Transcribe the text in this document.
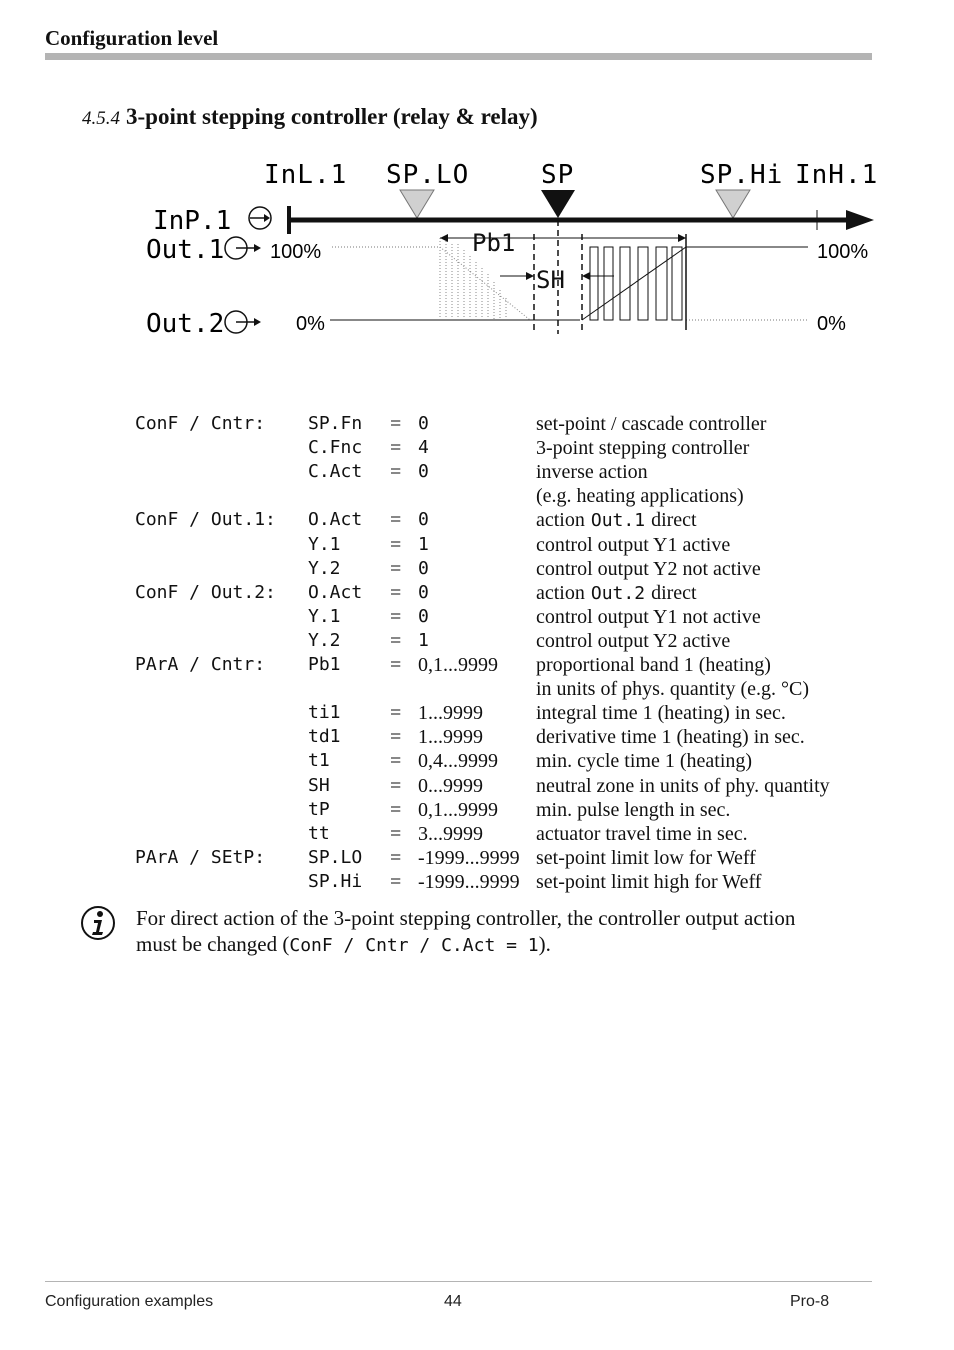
Configuration level
4.5.4 3-point stepping controller (relay & relay)
InL.1 SP.LO	SP	SP.Hi InH.1
InP.1
Out.1
Out.2
100%
0%
100%
0%
Pb1
SH
ConF / Cntr: SP.Fn = 0	set-point / cascade controller
C.Fnc = 4	3-point stepping controller
C.Act = 0	inverse action
(e.g. heating applications)
ConF / Out.1: O.Act = 0	action Out.1 direct
Y.1 = 1	control output Y1 active
Y.2 = 0	control output Y2 not active
ConF / Out.2: O.Act = 0	action Out.2 direct
Y.1 = 0	control output Y1 not active
Y.2 = 1	control output Y2 active
PArA / Cntr: Pb1 = 0,1...9999 proportional band 1 (heating)
in units of phys. quantity (e.g. °C)
ti1 = 1...9999	integral time 1 (heating) in sec.
td1 = 1...9999	derivative time 1 (heating) in sec.
t1	= 0,4...9999 min. cycle time 1 (heating)
SH	= 0...9999	neutral zone in units of phy. quantity
tP	= 0,1...9999 min. pulse length in sec.
tt	= 3...9999	actuator travel time in sec.
PArA / SEtP: SP.LO = -1999...9999 set-point limit low for Weff
SP.Hi = -1999...9999 set-point limit high for Weff
For direct action of the 3-point stepping controller, the controller output action
must be changed (ConF / Cntr / C.Act = 1).
Configuration examples	44	Pro-8
